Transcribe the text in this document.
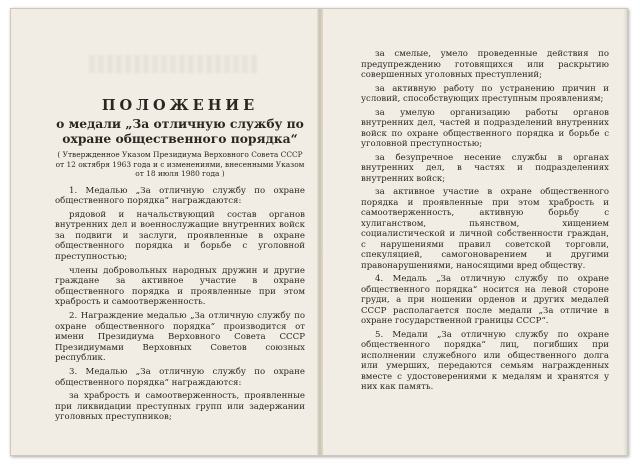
ПОЛОЖЕНИЕ
о медали „За отличную службу по охране общественного порядка“
( Утвержденное Указом Президиума Верховного Совета СССР от 12 октября 1963 года и с изменениями, внесенными Указом от 18 июля 1980 года )

1. Медалью „За отличную службу по охране общественного порядка“ награждаются:

рядовой и начальствующий состав органов внутренних дел и военнослужащие внутренних войск за подвиги и заслуги, проявленные в охране общественного порядка и борьбе с уголовной преступностью;

члены добровольных народных дружин и другие граждане за активное участие в охране общественного порядка и проявленные при этом храбрость и самоотверженность.

2. Награждение медалью „За отличную службу по охране общественного порядка“ производится от имени Президиума Верховного Совета СССР Президиумами Верховных Советов союзных республик.

3. Медалью „За отличную службу по охране общественного порядка“ награждаются:

за храбрость и самоотверженность, проявленные при ликвидации преступных групп или задержании уголовных преступников;

за смелые, умело проведенные действия по предупреждению готовящихся или раскрытию совершенных уголовных преступлений;

за активную работу по устранению причин и условий, способствующих преступным проявлениям;

за умелую организацию работы органов внутренних дел, частей и подразделений внутренних войск по охране общественного порядка и борьбе с уголовной преступностью;

за безупречное несение службы в органах внутренних дел, в частях и подразделениях внутренних войск;

за активное участие в охране общественного порядка и проявленные при этом храбрость и самоотверженность, активную борьбу с хулиганством, пьянством, хищением социалистической и личной собственности граждан, с нарушениями правил советской торговли, спекуляцией, самогоноварением и другими правонарушениями, наносящими вред обществу.

4. Медаль „За отличную службу по охране общественного порядка“ носится на левой стороне груди, а при ношении орденов и других медалей СССР располагается после медали „За отличие в охране государственной границы СССР“.

5. Медали „За отличную службу по охране общественного порядка“ лиц, погибших при исполнении служебного или общественного долга или умерших, передаются семьям награжденных вместе с удостоверениями к медалям и хранятся у них как память.
